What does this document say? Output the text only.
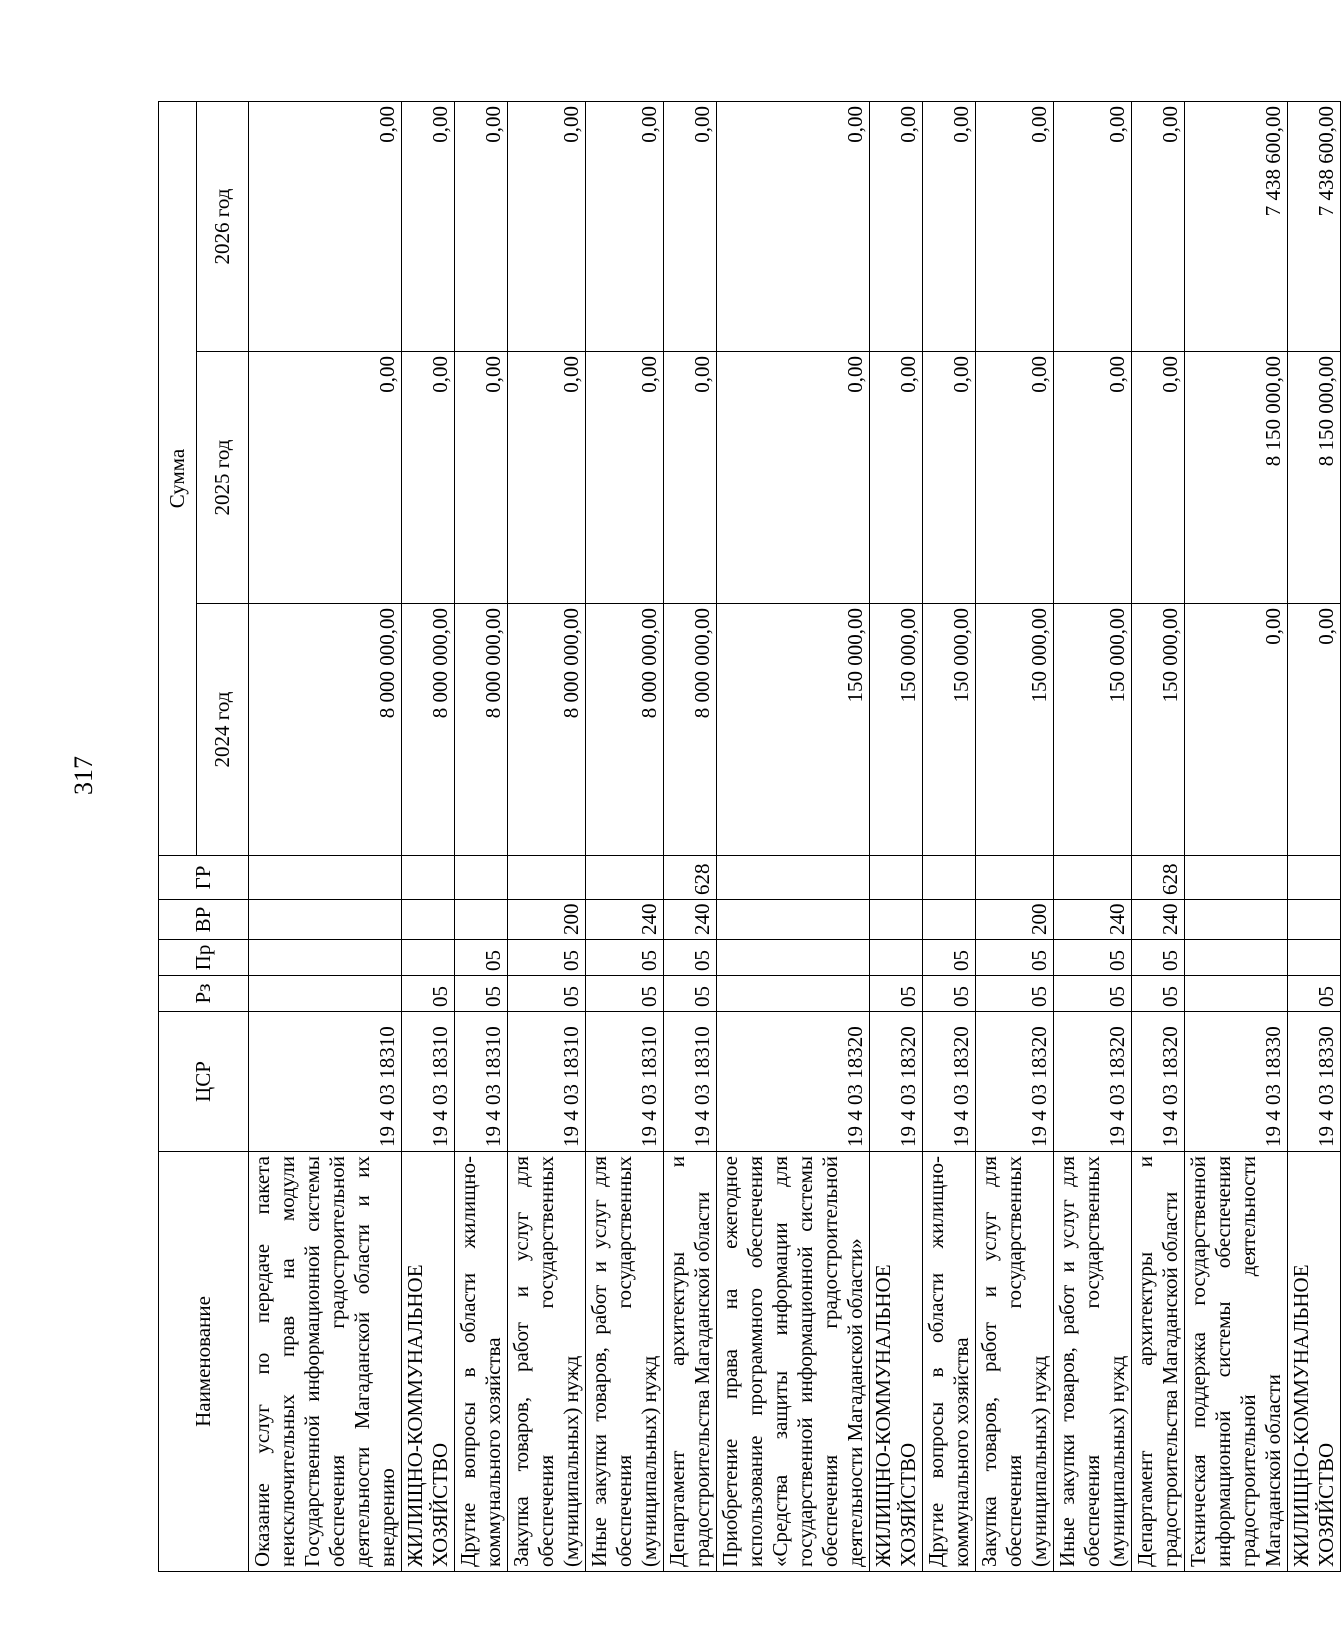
317
Наименование	ЦСР	Рз	Пр	ВР	ГР	Сумма		
						2024 год	2025 год	2026 год
Оказание услуг по передаче пакета неисключительных прав на модули Государственной информационной системы обеспечения градостроительной деятельности Магаданской области и их внедрению	19 4 03 18310					8 000 000,00	0,00	0,00
ЖИЛИЩНО-КОММУНАЛЬНОЕ ХОЗЯЙСТВО	19 4 03 18310	05				8 000 000,00	0,00	0,00
Другие вопросы в области жилищно-коммунального хозяйства	19 4 03 18310	05	05			8 000 000,00	0,00	0,00
Закупка товаров, работ и услуг для обеспечения государственных (муниципальных) нужд	19 4 03 18310	05	05	200		8 000 000,00	0,00	0,00
Иные закупки товаров, работ и услуг для обеспечения государственных (муниципальных) нужд	19 4 03 18310	05	05	240		8 000 000,00	0,00	0,00
Департамент архитектуры и градостроительства Магаданской области	19 4 03 18310	05	05	240	628	8 000 000,00	0,00	0,00
Приобретение права на ежегодное использование программного обеспечения «Средства защиты информации для государственной информационной системы обеспечения градостроительной деятельности Магаданской области»	19 4 03 18320					150 000,00	0,00	0,00
ЖИЛИЩНО-КОММУНАЛЬНОЕ ХОЗЯЙСТВО	19 4 03 18320	05				150 000,00	0,00	0,00
Другие вопросы в области жилищно-коммунального хозяйства	19 4 03 18320	05	05			150 000,00	0,00	0,00
Закупка товаров, работ и услуг для обеспечения государственных (муниципальных) нужд	19 4 03 18320	05	05	200		150 000,00	0,00	0,00
Иные закупки товаров, работ и услуг для обеспечения государственных (муниципальных) нужд	19 4 03 18320	05	05	240		150 000,00	0,00	0,00
Департамент архитектуры и градостроительства Магаданской области	19 4 03 18320	05	05	240	628	150 000,00	0,00	0,00
Техническая поддержка государственной информационной системы обеспечения градостроительной деятельности Магаданской области	19 4 03 18330					0,00	8 150 000,00	7 438 600,00
ЖИЛИЩНО-КОММУНАЛЬНОЕ ХОЗЯЙСТВО	19 4 03 18330	05				0,00	8 150 000,00	7 438 600,00
